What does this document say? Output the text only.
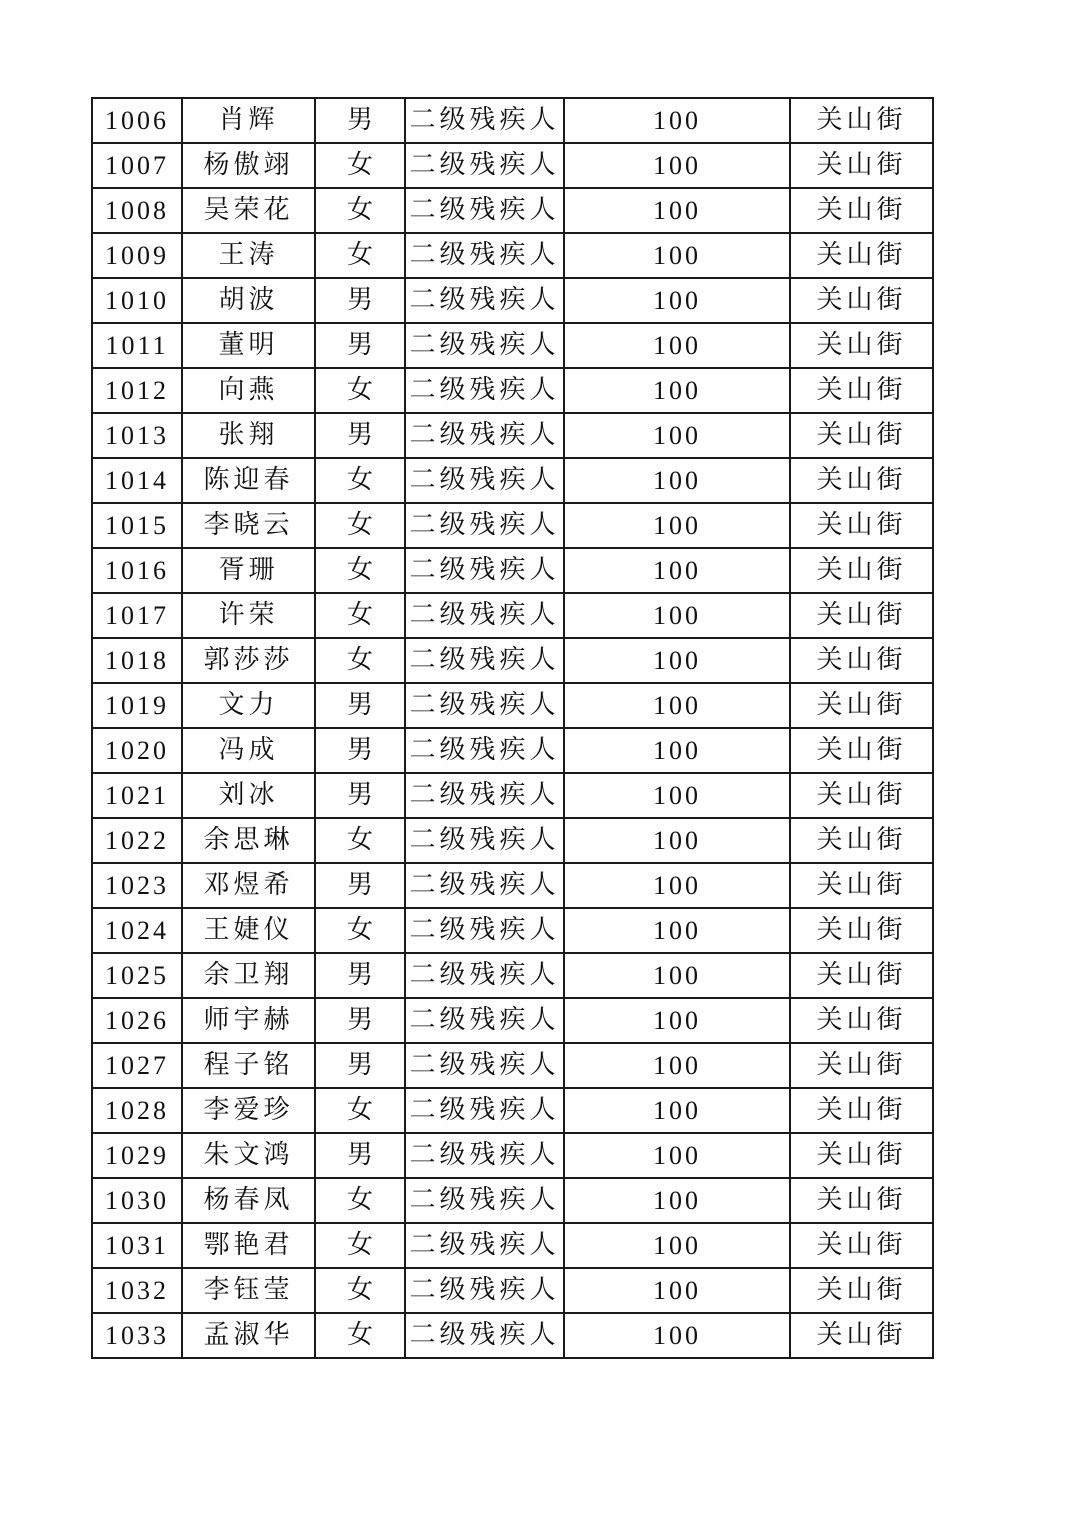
1006	肖辉	男	二级残疾人	100	关山街
1007	杨傲翊	女	二级残疾人	100	关山街
1008	吴荣花	女	二级残疾人	100	关山街
1009	王涛	女	二级残疾人	100	关山街
1010	胡波	男	二级残疾人	100	关山街
1011	董明	男	二级残疾人	100	关山街
1012	向燕	女	二级残疾人	100	关山街
1013	张翔	男	二级残疾人	100	关山街
1014	陈迎春	女	二级残疾人	100	关山街
1015	李晓云	女	二级残疾人	100	关山街
1016	胥珊	女	二级残疾人	100	关山街
1017	许荣	女	二级残疾人	100	关山街
1018	郭莎莎	女	二级残疾人	100	关山街
1019	文力	男	二级残疾人	100	关山街
1020	冯成	男	二级残疾人	100	关山街
1021	刘冰	男	二级残疾人	100	关山街
1022	余思琳	女	二级残疾人	100	关山街
1023	邓煜希	男	二级残疾人	100	关山街
1024	王婕仪	女	二级残疾人	100	关山街
1025	余卫翔	男	二级残疾人	100	关山街
1026	师宇赫	男	二级残疾人	100	关山街
1027	程子铭	男	二级残疾人	100	关山街
1028	李爱珍	女	二级残疾人	100	关山街
1029	朱文鸿	男	二级残疾人	100	关山街
1030	杨春凤	女	二级残疾人	100	关山街
1031	鄂艳君	女	二级残疾人	100	关山街
1032	李钰莹	女	二级残疾人	100	关山街
1033	孟淑华	女	二级残疾人	100	关山街
